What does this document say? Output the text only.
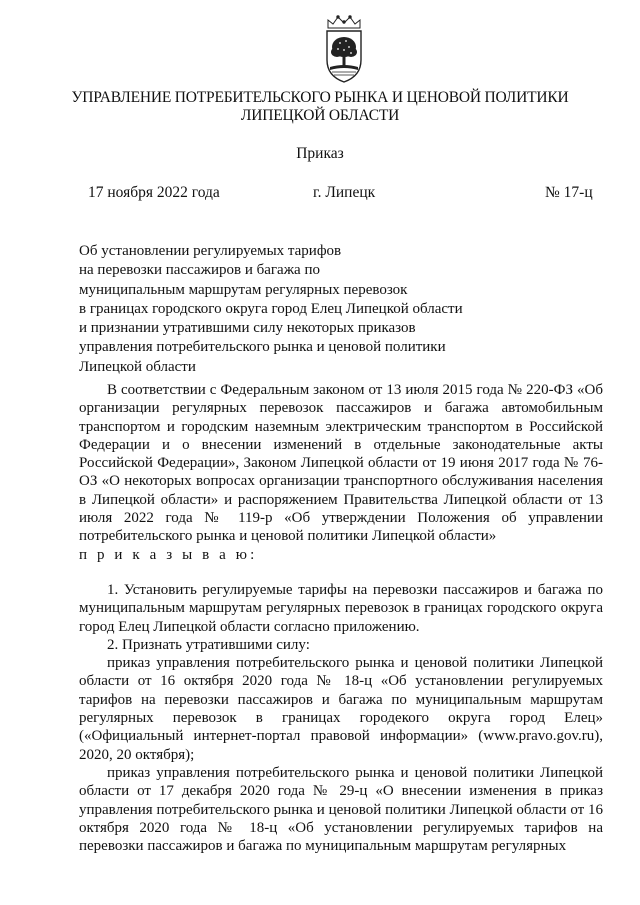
УПРАВЛЕНИЕ ПОТРЕБИТЕЛЬСКОГО РЫНКА И ЦЕНОВОЙ ПОЛИТИКИ
ЛИПЕЦКОЙ ОБЛАСТИ
Приказ
17 ноября 2022 года	г. Липецк	№ 17-ц
Об установлении регулируемых тарифов
на перевозки пассажиров и багажа по
муниципальным маршрутам регулярных перевозок
в границах городского округа город Елец Липецкой области
и признании утратившими силу некоторых приказов
управления потребительского рынка и ценовой политики
Липецкой области
В соответствии с Федеральным законом от 13 июля 2015 года № 220-ФЗ «Об организации регулярных перевозок пассажиров и багажа автомобильным транспортом и городским наземным электрическим транспортом в Российской Федерации и о внесении изменений в отдельные законодательные акты Российской Федерации», Законом Липецкой области от 19 июня 2017 года № 76-ОЗ «О некоторых вопросах организации транспортного обслуживания населения в Липецкой области» и распоряжением Правительства Липецкой области от 13 июля 2022 года № 119-р «Об утверждении Положения об управлении потребительского рынка и ценовой политики Липецкой области»
п р и к а з ы в а ю:
1. Установить регулируемые тарифы на перевозки пассажиров и багажа по муниципальным маршрутам регулярных перевозок в границах городского округа город Елец Липецкой области согласно приложению.
2. Признать утратившими силу:
приказ управления потребительского рынка и ценовой политики Липецкой области от 16 октября 2020 года № 18-ц «Об установлении регулируемых тарифов на перевозки пассажиров и багажа по муниципальным маршрутам регулярных перевозок в границах городекого округа город Елец» («Официальный интернет-портал правовой информации» (www.pravo.gov.ru), 2020, 20 октября);
приказ управления потребительского рынка и ценовой политики Липецкой области от 17 декабря 2020 года № 29-ц «О внесении изменения в приказ управления потребительского рынка и ценовой политики Липецкой области от 16 октября 2020 года № 18-ц «Об установлении регулируемых тарифов на перевозки пассажиров и багажа по муниципальным маршрутам регулярных
